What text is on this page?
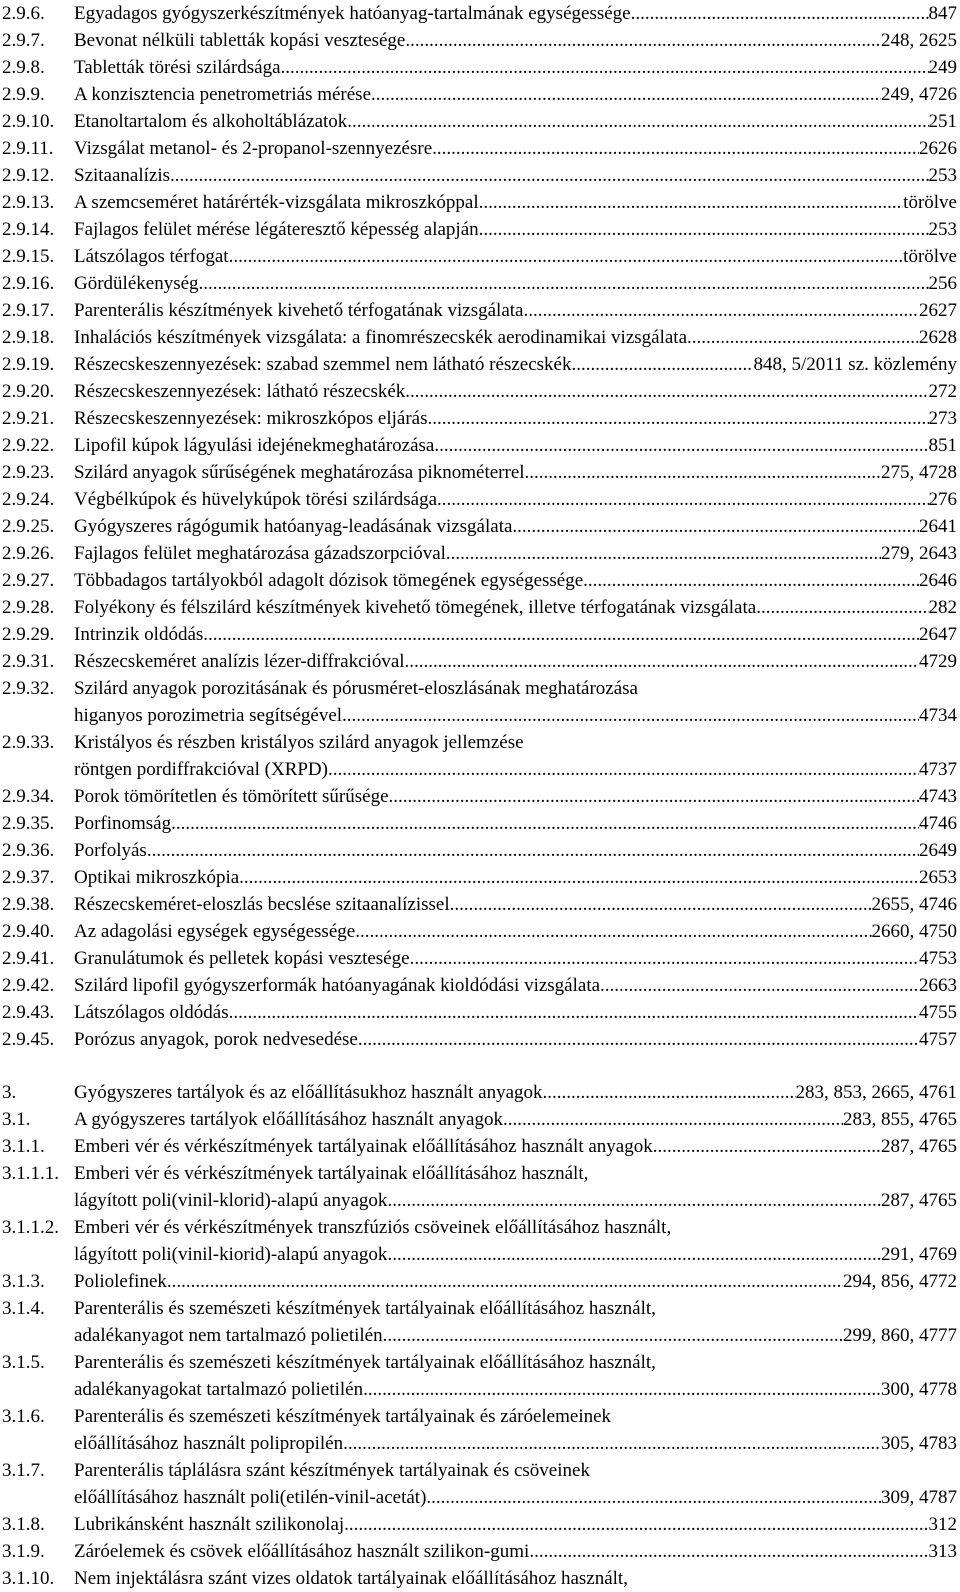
2.9.6. Egyadagos gyógyszerkészítmények hatóanyag-tartalmának egységessége .....	847
2.9.7. Bevonat nélküli tabletták kopási vesztesége .....	248, 2625
2.9.8. Tabletták törési szilárdsága .....	249
2.9.9. A konzisztencia penetrometriás mérése .....	249, 4726
2.9.10. Etanoltartalom és alkoholtáblázatok .....	251
2.9.11. Vizsgálat metanol- és 2-propanol-szennyezésre .....	2626
2.9.12. Szitaanalízis .....	253
2.9.13. A szemcseméret határérték-vizsgálata mikroszkóppal .....	törölve
2.9.14. Fajlagos felület mérése légáteresztő képesség alapján .....	253
2.9.15. Látszólagos térfogat .....	törölve
2.9.16. Gördülékenység .....	256
2.9.17. Parenterális készítmények kivehető térfogatának vizsgálata .....	2627
2.9.18. Inhalációs készítmények vizsgálata: a finomrészecskék aerodinamikai vizsgálata .....	2628
2.9.19. Részecskeszennyezések: szabad szemmel nem látható részecskék .....	848, 5/2011 sz. közlemény
2.9.20. Részecskeszennyezések: látható részecskék .....	272
2.9.21. Részecskeszennyezések: mikroszkópos eljárás .....	273
2.9.22. Lipofil kúpok lágyulási idejénekmeghatározása .....	851
2.9.23. Szilárd anyagok sűrűségének meghatározása piknométerrel .....	275, 4728
2.9.24. Végbélkúpok és hüvelykúpok törési szilárdsága .....	276
2.9.25. Gyógyszeres rágógumik hatóanyag-leadásának vizsgálata .....	2641
2.9.26. Fajlagos felület meghatározása gázadszorpcióval .....	279, 2643
2.9.27. Többadagos tartályokból adagolt dózisok tömegének egységessége .....	2646
2.9.28. Folyékony és félszilárd készítmények kivehető tömegének, illetve térfogatának vizsgálata .....	282
2.9.29. Intrinzik oldódás .....	2647
2.9.31. Részecskeméret analízis lézer-diffrakcióval .....	4729
2.9.32. Szilárd anyagok porozitásának és pórusméret-eloszlásának meghatározása
higanyos porozimetria segítségével .....	4734
2.9.33. Kristályos és részben kristályos szilárd anyagok jellemzése
röntgen pordiffrakcióval (XRPD) .....	4737
2.9.34. Porok tömörítetlen és tömörített sűrűsége .....	4743
2.9.35. Porfinomság .....	4746
2.9.36. Porfolyás .....	2649
2.9.37. Optikai mikroszkópia .....	2653
2.9.38. Részecskeméret-eloszlás becslése szitaanalízissel .....	2655, 4746
2.9.40. Az adagolási egységek egységessége .....	2660, 4750
2.9.41. Granulátumok és pelletek kopási vesztesége .....	4753
2.9.42. Szilárd lipofil gyógyszerformák hatóanyagának kioldódási vizsgálata .....	2663
2.9.43. Látszólagos oldódás .....	4755
2.9.45. Porózus anyagok, porok nedvesedése .....	4757
3.	Gyógyszeres tartályok és az előállításukhoz használt anyagok .....	283, 853, 2665, 4761
3.1. A gyógyszeres tartályok előállításához használt anyagok .....	283, 855, 4765
3.1.1. Emberi vér és vérkészítmények tartályainak előállításához használt anyagok .....	287, 4765
3.1.1.1. Emberi vér és vérkészítmények tartályainak előállításához használt,
lágyított poli(vinil-klorid)-alapú anyagok .....	287, 4765
3.1.1.2. Emberi vér és vérkészítmények transzfúziós csöveinek előállításához használt,
lágyított poli(vinil-kiorid)-alapú anyagok .....	291, 4769
3.1.3. Poliolefinek .....	294, 856, 4772
3.1.4. Parenterális és szemészeti készítmények tartályainak előállításához használt,
adalékanyagot nem tartalmazó polietilén .....	299, 860, 4777
3.1.5. Parenterális és szemészeti készítmények tartályainak előállításához használt,
adalékanyagokat tartalmazó polietilén .....	300, 4778
3.1.6. Parenterális és szemészeti készítmények tartályainak és záróelemeinek
előállításához használt polipropilén .....	305, 4783
3.1.7. Parenterális táplálásra szánt készítmények tartályainak és csöveinek
előállításához használt poli(etilén-vinil-acetát) .....	309, 4787
3.1.8. Lubrikánsként használt szilikonolaj .....	312
3.1.9. Záróelemek és csövek előállításához használt szilikon-gumi .....	313
3.1.10. Nem injektálásra szánt vizes oldatok tartályainak előállításához használt,
